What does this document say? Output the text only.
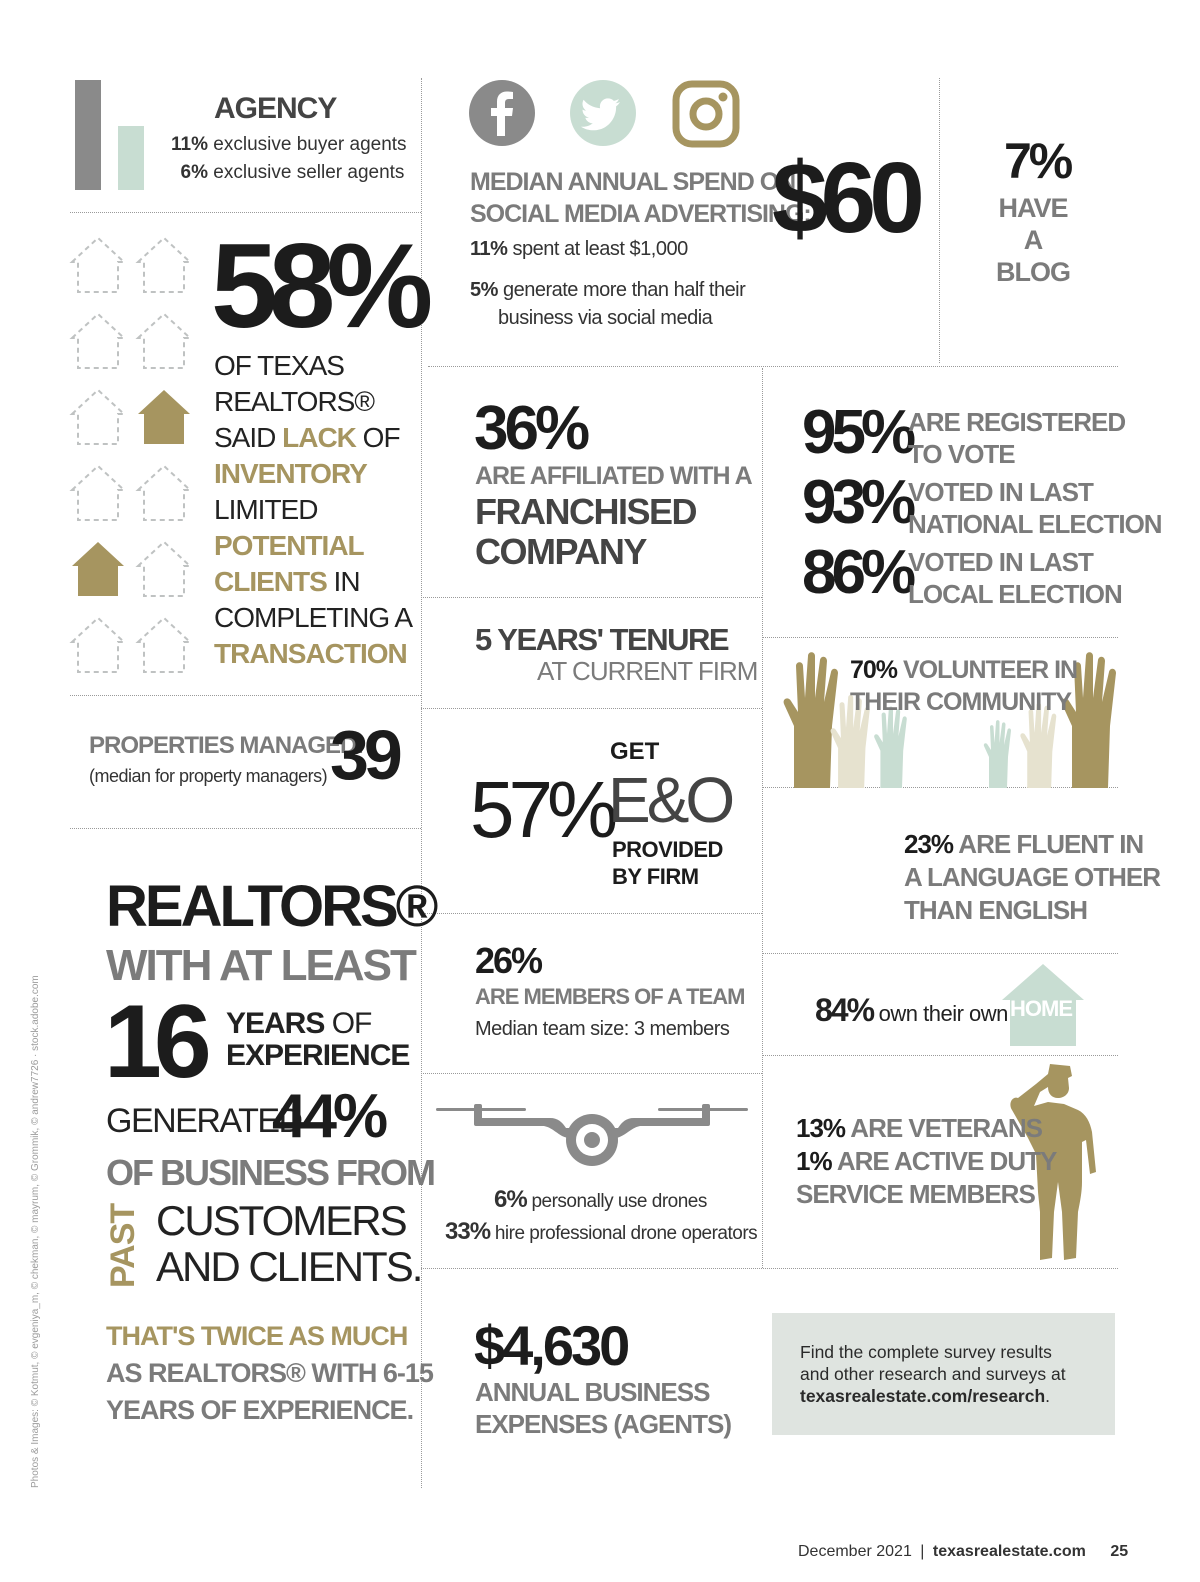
AGENCY
11% exclusive buyer agents
6% exclusive seller agents
58%
OF TEXAS
REALTORS®
SAID LACK OF
INVENTORY
LIMITED
POTENTIAL
CLIENTS IN
COMPLETING A
TRANSACTION
PROPERTIES MANAGED:
(median for property managers) 39
REALTORS®
WITH AT LEAST
16 YEARS OF
EXPERIENCE
GENERATED
44%
OF BUSINESS FROM
PAST CUSTOMERS
AND CLIENTS.
THAT'S TWICE AS MUCH
AS REALTORS® WITH 6-15
YEARS OF EXPERIENCE.
Photos & Images: © Kotmut, © evgeniya_m, © chekman, © mayrum, © Grommik, © andrew7726 · stock.adobe.com
MEDIAN ANNUAL SPEND ON
SOCIAL MEDIA ADVERTISING:
$60
11% spent at least $1,000
5% generate more than half their
business via social media
7%
HAVE
A
BLOG
36%
ARE AFFILIATED WITH A
FRANCHISED
COMPANY
95%
ARE REGISTERED
TO VOTE
93%
VOTED IN LAST
NATIONAL ELECTION
86%
VOTED IN LAST
LOCAL ELECTION
5 YEARS' TENURE
AT CURRENT FIRM	70% VOLUNTEER IN
THEIR COMMUNITY
57%
GET
E&O
PROVIDED
BY FIRM
23% ARE FLUENT IN
A LANGUAGE OTHER
THAN ENGLISH
26%
ARE MEMBERS OF A TEAM
Median team size: 3 members
84% own their own HOME
6% personally use drones
33% hire professional drone operators
13% ARE VETERANS
1% ARE ACTIVE DUTY
SERVICE MEMBERS
$4,630
ANNUAL BUSINESS
EXPENSES (AGENTS)
Find the complete survey results
and other research and surveys at
texasrealestate.com/research.
December 2021 | texasrealestate.com 25
